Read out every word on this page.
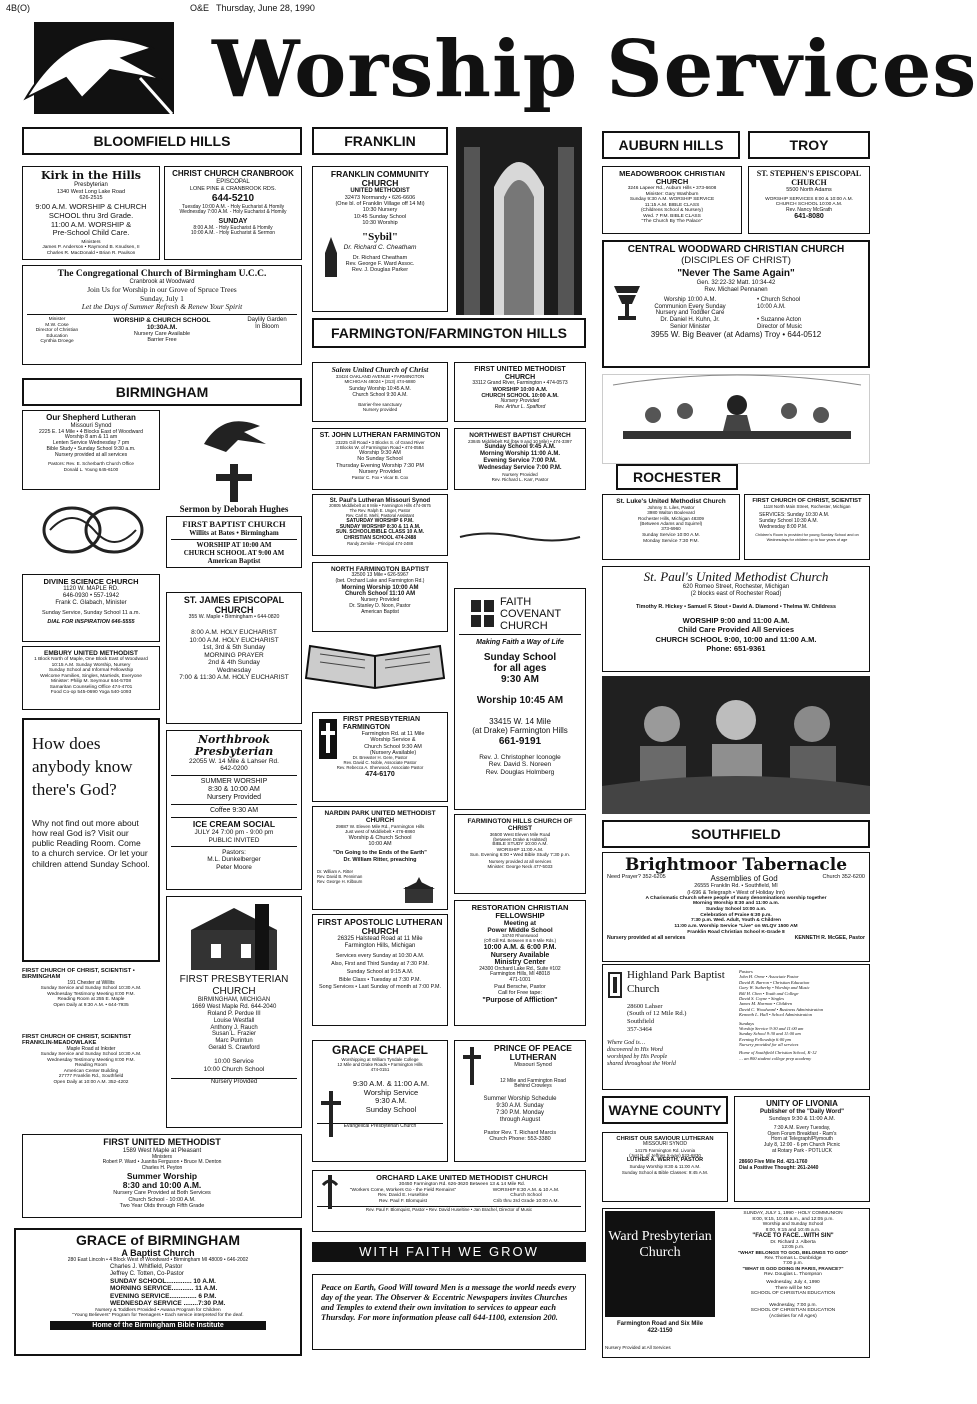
4B(O)	O&E Thursday, June 28, 1990
Worship Services
BLOOMFIELD HILLS
Kirk in the Hills
Presbyterian
1340 West Long Lake Road
626-2515
9:00 A.M. WORSHIP & CHURCH SCHOOL thru 3rd Grade.
11:00 A.M. WORSHIP &
Pre-School Child Care.
Ministers
James P. Anderson • Raymond B. Knudsen, II
Charles R. MacDonald • Brian R. Paulson
CHRIST CHURCH CRANBROOK
EPISCOPAL
LONE PINE & CRANBROOK RDS.
644-5210
Tuesday 10:00 A.M. - Holy Eucharist & Homily
Wednesday 7:00 A.M. - Holy Eucharist & Homily
SUNDAY
8:00 A.M. - Holy Eucharist & Homily
10:00 A.M. - Holy Eucharist & Sermon
The Congregational Church of Birmingham U.C.C.
Cranbrook at Woodward
Join Us for Worship in our Grove of Spruce Trees
Sunday, July 1
Let the Days of Summer Refresh & Renew Your Spirit
Minister
M.W. Cose
Director of Christian Education
Cynthia Droege
WORSHIP & CHURCH SCHOOL
10:30A.M.
Nursery Care Available
Barrier Free
Daylily Garden
In Bloom
BIRMINGHAM
Our Shepherd Lutheran
Missouri Synod
2225 E. 14 Mile • 4 Blocks East of Woodward
Worship 8 am & 11 am
Lenten Service Wednesday 7 pm
Bible Study • Sunday School 9:30 a.m.
Nursery provided at all services
Pastors: Rev. E. Scherbarth Church Office
Donald L. Young 645-6100
Sermon by Deborah Hughes
FIRST BAPTIST CHURCH
Willits at Bates • Birmingham
WORSHIP AT 10:00 AM
CHURCH SCHOOL AT 9:00 AM
American Baptist
DIVINE SCIENCE CHURCH
1120 W. MAPLE RD.
646-0930 • 557-1942
Frank C. Glabach, Minister
Sunday Service, Sunday School 11 a.m.
DIAL FOR INSPIRATION 646-5555
EMBURY UNITED METHODIST
1 Block North of Maple, One Block East of Woodward
10:15 A.M. Sunday Worship, Nursery
Sunday School and Informal Fellowship
Welcome Families, Singles, Marrieds, Everyone
Minister: Philip M. Seymour 644-5708
Samaritan Counseling Office 474-4701
Food Co-op 545-0690 Yoga 540-1093
ST. JAMES EPISCOPAL CHURCH
355 W. Maple • Birmingham • 644-0820
8:00 A.M. HOLY EUCHARIST
10:00 A.M. HOLY EUCHARIST
1st, 3rd & 5th Sunday
MORNING PRAYER
2nd & 4th Sunday
Wednesday
7:00 & 11:30 A.M. HOLY EUCHARIST
How does anybody know there's God?
Why not find out more about how real God is? Visit our public Reading Room. Come to a church service. Or let your children attend Sunday School.
FIRST CHURCH OF CHRIST, SCIENTIST • BIRMINGHAM
191 Chester at Willits
Sunday Service and Sunday School 10:30 A.M.
Wednesday Testimony Meeting 8:00 P.M.
Reading Room at 255 E. Maple
Open Daily at 9:30 A.M. • 644-7935
FIRST CHURCH OF CHRIST, SCIENTIST
FRANKLIN-MEADOWLAKE
Maple Road at Inkster
Sunday Service and Sunday School 10:30 A.M.
Wednesday Testimony Meeting 8:00 P.M.
Reading Room
American Center Building
27777 Franklin Rd., Southfield
Open Daily at 10:00 A.M. 352-4202
Northbrook Presbyterian
22055 W. 14 Mile & Lahser Rd.
642-0200
SUMMER WORSHIP
8:30 & 10:00 AM
Nursery Provided
Coffee 9:30 AM
ICE CREAM SOCIAL
JULY 24 7:00 pm - 9:00 pm
PUBLIC INVITED
Pastors:
M.L. Dunkelberger
Peter Moore
FIRST PRESBYTERIAN CHURCH
BIRMINGHAM, MICHIGAN
1669 West Maple Rd. 644-2040
Roland P. Perdue III
Louise Westfall
Anthony J. Rauch
Susan L. Frazier
Marc Purintun
Gerald S. Crawford
10:00 Service
10:00 Church School
Nursery Provided
FIRST UNITED METHODIST
1589 West Maple at Pleasant
Ministers
Robert P. Ward • Juanita Ferguson • Bruce M. Denton
Charles H. Peyton
Summer Worship
8:30 and 10:00 A.M.
Nursery Care Provided at Both Services
Church School - 10:00 A.M.
Two Year Olds through Fifth Grade
GRACE of BIRMINGHAM
A Baptist Church
280 East Lincoln • 4 Block West of Woodward • Birmingham MI 48009 • 646-2002
Charles J. Whitfield, Pastor
Jeffrey C. Totten, Co-Pastor
SUNDAY SCHOOL.............. 10 A.M.
MORNING SERVICE............ 11 A.M.
EVENING SERVICE............... 6 P.M.
WEDNESDAY SERVICE ........7:30 P.M.
Nursery & Toddlers Provided • Awana Program for Children
"Young Believers" Program for Teenagers • Each service interpreted for the deaf.
Home of the Birmingham Bible Institute
FRANKLIN
FRANKLIN COMMUNITY CHURCH
UNITED METHODIST
32473 Normandy • 626-6606
(One bl. of Franklin Village off 14 Mi)
10:30 Nursery
10:45 Sunday School
10:30 Worship
"Sybil"
Dr. Richard C. Cheatham
Dr. Richard Cheatham
Rev. George F. Ward Assoc.
Rev. J. Douglas Parker
FARMINGTON/FARMINGTON HILLS
Salem United Church of Christ
33424 OAKLAND AVENUE • FARMINGTON
MICHIGAN 48024 • (313) 474-6880
Sunday Worship 10:45 A.M.
Church School 9:30 A.M.
Barrier-free sanctuary
Nursery provided
FIRST UNITED METHODIST CHURCH
33112 Grand River, Farmington • 474-0573
WORSHIP 10:00 A.M.
CHURCH SCHOOL 10:00 A.M.
Nursery Provided
Rev. Arthur L. Spafford
ST. JOHN LUTHERAN FARMINGTON
23225 Gill Road • 3 Blocks S. of Grand River
3 Blocks W. of Farmington Road • 474-0584
Worship 9:30 AM
No Sunday School
Thursday Evening Worship 7:30 PM
Nursery Provided
Pastor C. Fox • Vicar B. Cox
NORTHWEST BAPTIST CHURCH
23845 Middlebelt Rd (btw 9 and 10 Mile) • 474-3397
Sunday School 9:45 A.M.
Morning Worship 11:00 A.M.
Evening Service 7:00 P.M.
Wednesday Service 7:00 P.M.
Nursery Provided
Rev. Richard L. Karr, Pastor
St. Paul's Lutheran Missouri Synod
20805 Middlebelt at 8 Mile • Farmington Hills 474-0675
The Rev. Ralph E. Unger, Pastor
Rev. Carl E. Mehl, Pastoral Assistant
SATURDAY WORSHIP 6 P.M.
SUNDAY WORSHIP 8:30 & 11 A.M.
SUN. SCHOOL/BIBLE CLASS 10 A.M.
CHRISTIAN SCHOOL 474-2488
Randy Zernike - Principal 474-2488
NORTH FARMINGTON BAPTIST
32500 13 Mile • 626-5967
(bet. Orchard Lake and Farmington Rd.)
Morning Worship 10:00 AM
Church School 11:10 AM
Nursery Provided
Dr. Stanley D. Noon, Pastor
American Baptist
FAITH COVENANT CHURCH
Making Faith a Way of Life
Sunday School
for all ages
9:30 AM
Worship 10:45 AM
33415 W. 14 Mile
(at Drake) Farmington Hills
661-9191
Rev. J. Christopher Iconogle
Rev. David S. Noreen
Rev. Douglas Holmberg
FIRST PRESBYTERIAN FARMINGTON
Farmington Rd. at 11 Mile
Worship Service &
Church School 9:30 AM
(Nursery Available)
Dr. Brewster H. Gere, Pastor
Rev. David C. Noble, Associate Pastor
Rev. Rebecca A. Sherwood, Associate Pastor
474-6170
NARDIN PARK UNITED METHODIST CHURCH
29887 W. Eleven Mile Rd., Farmington Hills
Just west of Middlebelt • 476-8860
Worship & Church School
10:00 AM
"On Going to the Ends of the Earth"
Dr. William Ritter, preaching
Dr. William A. Ritter
Rev. David B. Penniman
Rev. George H. Kilbourn
FARMINGTON HILLS CHURCH OF CHRIST
36500 West Eleven Mile Road
(between Drake & Halsted)
BIBLE STUDY 10:00 A.M.
WORSHIP 11:00 A.M.
Sun. Evening 6:00 • Wed Bible Study 7:30 p.m.
Nursery provided at all services
Minister: George Neck 477-5033
FIRST APOSTOLIC LUTHERAN CHURCH
26325 Halstead Road at 11 Mile
Farmington Hills, Michigan
Services every Sunday at 10:30 A.M.
Also, First and Third Sunday at 7:30 P.M.
Sunday School at 9:15 A.M.
Bible Class • Tuesday at 7:30 P.M.
Song Services • Last Sunday of month at 7:00 P.M.
RESTORATION CHRISTIAN FELLOWSHIP
Meeting at
Power Middle School
34740 Rhonswood
(Off Gill Rd. Between 8 & 9 Mile Rds.)
10:00 A.M. & 6:00 P.M.
Nursery Available
Ministry Center
24300 Orchard Lake Rd., Suite #102
Farmington Hills, MI 48018
471-1001
Paul Bersche, Pastor
Call for Free tape:
"Purpose of Affliction"
GRACE CHAPEL
Worshipping at William Tyndale College
12 Mile and Drake Roads • Farmington Hills
474-0151
9:30 A.M. & 11:00 A.M.
Worship Service
9:30 A.M.
Sunday School
Evangelical Presbyterian Church
PRINCE OF PEACE LUTHERAN
Missouri Synod
12 Mile and Farmington Road
Behind Crowleys
Summer Worship Schedule
9:30 A.M. Sunday
7:30 P.M. Monday
through August
Pastor Rev. T. Richard Marcis
Church Phone: 553-3380
ORCHARD LAKE UNITED METHODIST CHURCH
30450 Farmington Rd. 626-3620 Between 13 & 14 Mile Rd.
"Workers Come, Workers Go - the Field Remains"
Rev. David E. Huseltine
Rev. Paul F. Blomquist
WORSHIP 8:30 A.M. & 10 A.M.
Church School
Crib thru 3rd Grade 10:00 A.M.
Rev. Paul F. Blomquist, Pastor • Rev. David Huseltine • Jan Brachel, Director of Music
WITH FAITH WE GROW
Peace on Earth, Good Will toward Men is a message the world needs every day of the year. The Observer & Eccentric Newspapers invites Churches and Temples to extend their own invitation to services to appear each Thursday. For more information please call 644-1100, extension 200.
AUBURN HILLS	TROY
MEADOWBROOK CHRISTIAN CHURCH
3246 Lapeer Rd., Auburn Hills • 373-6608
Minister: Gary Washburn
Sunday 9:30 A.M. WORSHIP SERVICE
11:15 A.M. BIBLE CLASS
(Childrens School & Nursery)
Wed. 7 P.M. BIBLE CLASS
"The Church By The Palace"
ST. STEPHEN'S EPISCOPAL CHURCH
5500 North Adams
WORSHIP SERVICES 8:00 & 10:00 A.M.
CHURCH SCHOOL 10:00 A.M.
Rev. Nancy McGrath
641-8080
CENTRAL WOODWARD CHRISTIAN CHURCH
(DISCIPLES OF CHRIST)
"Never The Same Again"
Gen. 32:22-32 Matt. 10:34-42
Rev. Michael Pennanen
Worship 10:00 A.M.
Communion Every Sunday
Nursery and Toddler Care
Dr. Daniel H. Kuhn, Jr.
Senior Minister
• Church School
10:00 A.M.

• Suzanne Acton
Director of Music
3955 W. Big Beaver (at Adams) Troy • 644-0512
ROCHESTER
St. Luke's United Methodist Church
Johnny S. Liles, Pastor
3980 Walton Boulevard
Rochester Hills, Michigan 48309
(Between Adams and Squirrel)
373-6960
Sunday Service 10:00 A.M.
Monday Service 7:30 P.M.
FIRST CHURCH OF CHRIST, SCIENTIST
1118 North Main Street, Rochester, Michigan
SERVICES: Sunday 10:30 A.M.
Sunday School 10:30 A.M.
Wednesday 8:00 P.M.
Children's Room is provided for young Sunday School and on Wednesdays for children up to four years of age
St. Paul's United Methodist Church
620 Romeo Street, Rochester, Michigan
(2 blocks east of Rochester Road)
Timothy R. Hickey • Samuel F. Stout • David A. Diamond • Thelma W. Childress
WORSHIP 9:00 and 11:00 A.M.
Child Care Provided All Services
CHURCH SCHOOL 9:00, 10:00 and 11:00 A.M.
Phone: 651-9361
SOUTHFIELD
Brightmoor Tabernacle
Need Prayer? 352-6205	Assemblies of God	Church 352-6200
26555 Franklin Rd. • Southfield, MI
(I-696 & Telegraph • West of Holiday Inn)
A Charismatic Church where people of many denominations worship together
Morning Worship 8:30 and 11:00 a.m.
Sunday School 10:00 a.m.
Celebration of Praise 6:30 p.m.
7:30 p.m. Wed. Adult, Youth & Children
11:00 a.m. Worship Service "Live" on WLQV 1500 AM
Franklin Road Christian School K-Grade 8
Nursery provided at all services	KENNETH R. McGEE, Pastor
Highland Park Baptist Church
28600 Lahser
(South of 12 Mile Rd.)
Southfield
357-3464
Where God is…
discovered in His Word
worshiped by His People
shared throughout the World
Pastors
John H. Orme • Associate Pastor
David R. Barron • Christian Education
Gary W. Sutherby • Worship and Music
Bill H. Chen • Youth and College
David S. Coyne • Singles
James M. Harmon • Children
David C. Woodward • Business Administration
Kenneth L. Hall • School Administration
Sundays
Worship Service 9:30 and 11:00 am
Sunday School 9:30 and 11:00 am
Evening Fellowship 6:00 pm
Nursery provided for all services
Home of Southfield Christian School, K-12
… an 800 student college prep academy
WAYNE COUNTY
CHRIST OUR SAVIOUR LUTHERAN
MISSOURI SYNOD
14175 Farmington Rd. Livonia
(Just N. of Jeffries X-way) 522-6830
LUTHER A. WERTH, PASTOR
Sunday Worship 8:30 & 11:00 A.M.
Sunday School & Bible Classes: 9:45 A.M.
UNITY OF LIVONIA
Publisher of the "Daily Word"
Sundays 9:30 & 11:00 A.M.
7:30 A.M. Every Tuesday,
Open Forum Breakfast - Ram's
Horn at Telegraph/Plymouth
July 8, 12:00 - 6 pm Church Picnic
at Rotary Park - POTLUCK
28660 Five Mile Rd. 421-1760
Dial a Positive Thought: 261-2440
Ward Presbyterian Church
Farmington Road and Six Mile
422-1150
Nursery Provided at All Services
SUNDAY, JULY 1, 1990 - HOLY COMMUNION
8:00, 9:15, 10:45 a.m., and 12:05 p.m.
Worship and Sunday School
8:00, 9:15 and 10:45 a.m.
"FACE TO FACE...WITH SIN"
Dr. Richard J. Alberta
12:05 p.m.
"WHAT BELONGS TO GOD, BELONGS TO GOD"
Rev. Thomas L. Dunbridge
7:00 p.m.
"WHAT IS GOD DOING IN PARIS, FRANCE?"
Rev. Douglas L. Thompson
Wednesday, July 4, 1990
There will be NO
SCHOOL OF CHRISTIAN EDUCATION

Wednesday, 7:00 p.m.
SCHOOL OF CHRISTIAN EDUCATION
(Activities for All Ages)
